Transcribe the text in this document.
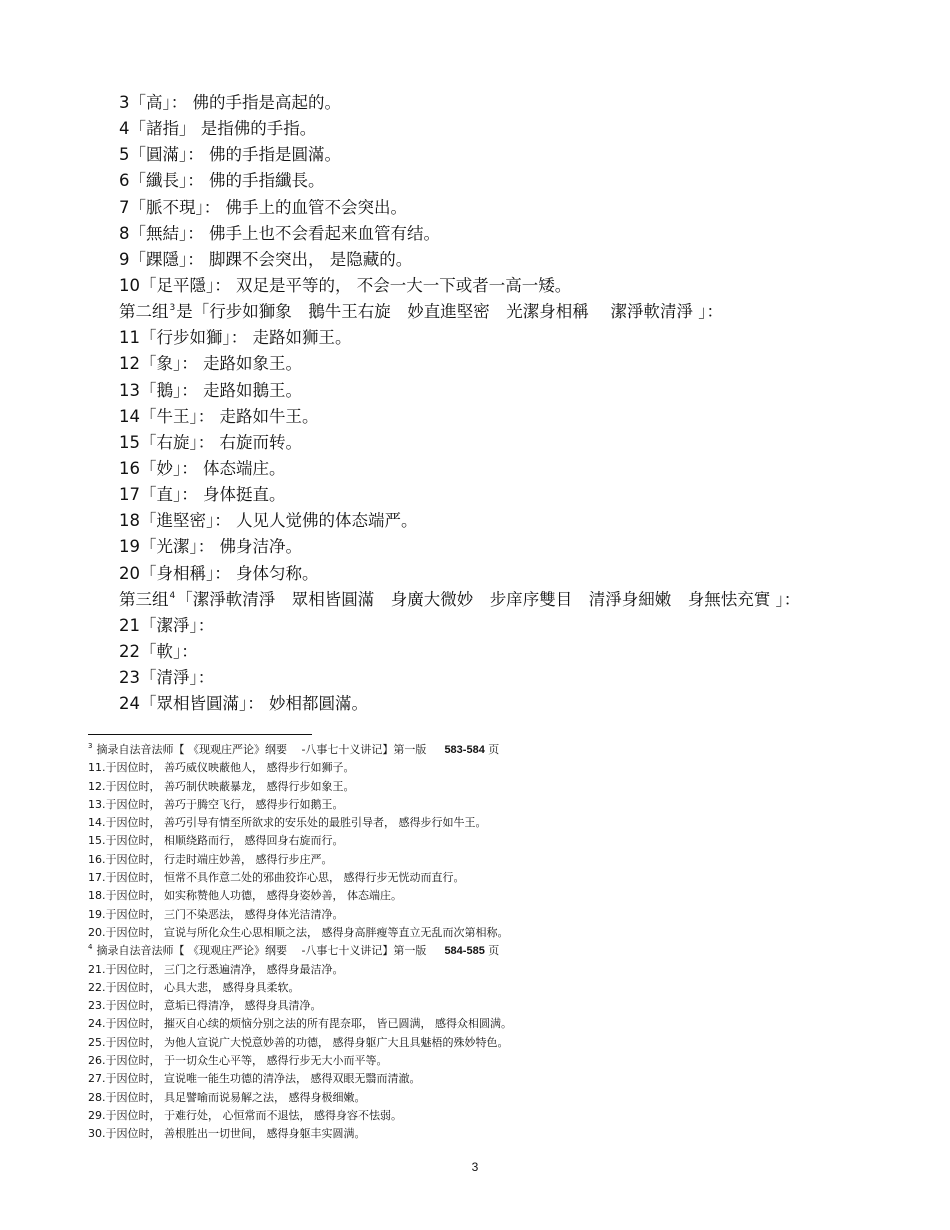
3「高」： 佛的手指是高起的。
4「諸指」 是指佛的手指。
5「圓滿」： 佛的手指是圓滿。
6「纖長」： 佛的手指纖長。
7「脈不現」： 佛手上的血管不会突出。
8「無結」： 佛手上也不会看起来血管有结。
9「踝隱」： 脚踝不会突出， 是隐藏的。
10「足平隱」： 双足是平等的， 不会一大一下或者一高一矮。
第二组$^3$是「行步如獅象　鵝牛王右旋　妙直進堅密　光潔身相稱　 潔淨軟清淨 」：
11「行步如獅」： 走路如狮王。
12「象」： 走路如象王。
13「鵝」： 走路如鵝王。
14「牛王」： 走路如牛王。
15「右旋」： 右旋而转。
16「妙」： 体态端庄。
17「直」： 身体挺直。
18「進堅密」： 人见人觉佛的体态端严。
19「光潔」： 佛身洁净。
20「身相稱」： 身体匀称。
第三组$^4$「潔淨軟清淨　眾相皆圓滿　身廣大微妙　步庠序雙目　清淨身細嫩　身無怯充實 」：
21「潔淨」：
22「軟」：
23「清淨」：
24「眾相皆圓滿」： 妙相都圓滿。
$^3$ 摘录自法音法师【 《现观庄严论》纲要 　-八事七十义讲记】第一版 　 583-584 页
11.于因位时， 善巧威仪映蔽他人， 感得步行如狮子。
12.于因位时， 善巧制伏映蔽暴龙， 感得行步如象王。
13.于因位时， 善巧于腾空飞行， 感得步行如鹅王。
14.于因位时， 善巧引导有情至所欲求的安乐处的最胜引导者， 感得步行如牛王。
15.于因位时， 相顺绕路而行， 感得回身右旋而行。
16.于因位时， 行走时端庄妙善， 感得行步庄严。
17.于因位时， 恒常不具作意二处的邪曲狡诈心思， 感得行步无恍动而直行。
18.于因位时， 如实称赞他人功德， 感得身姿妙善， 体态端庄。
19.于因位时， 三门不染恶法， 感得身体光洁清净。
20.于因位时， 宣说与所化众生心思相顺之法， 感得身高胖瘦等直立无乱而次第相称。
$^4$ 摘录自法音法师【 《现观庄严论》纲要 　-八事七十义讲记】第一版 　 584-585 页
21.于因位时， 三门之行悉遍清净， 感得身最洁净。
22.于因位时， 心具大悲， 感得身具柔软。
23.于因位时， 意垢已得清净， 感得身具清净。
24.于因位时， 摧灭自心续的烦恼分别之法的所有毘奈耶， 皆已圆满， 感得众相圆满。
25.于因位时， 为他人宣说广大悦意妙善的功德， 感得身躯广大且具魅梧的殊妙特色。
26.于因位时， 于一切众生心平等， 感得行步无大小而平等。
27.于因位时， 宣说唯一能生功德的清净法， 感得双眼无翳而清澈。
28.于因位时， 具足譬喻而说易解之法， 感得身极细嫩。
29.于因位时， 于难行处， 心恒常而不退怯， 感得身容不怯弱。
30.于因位时， 善根胜出一切世间， 感得身躯丰实圆满。
3
